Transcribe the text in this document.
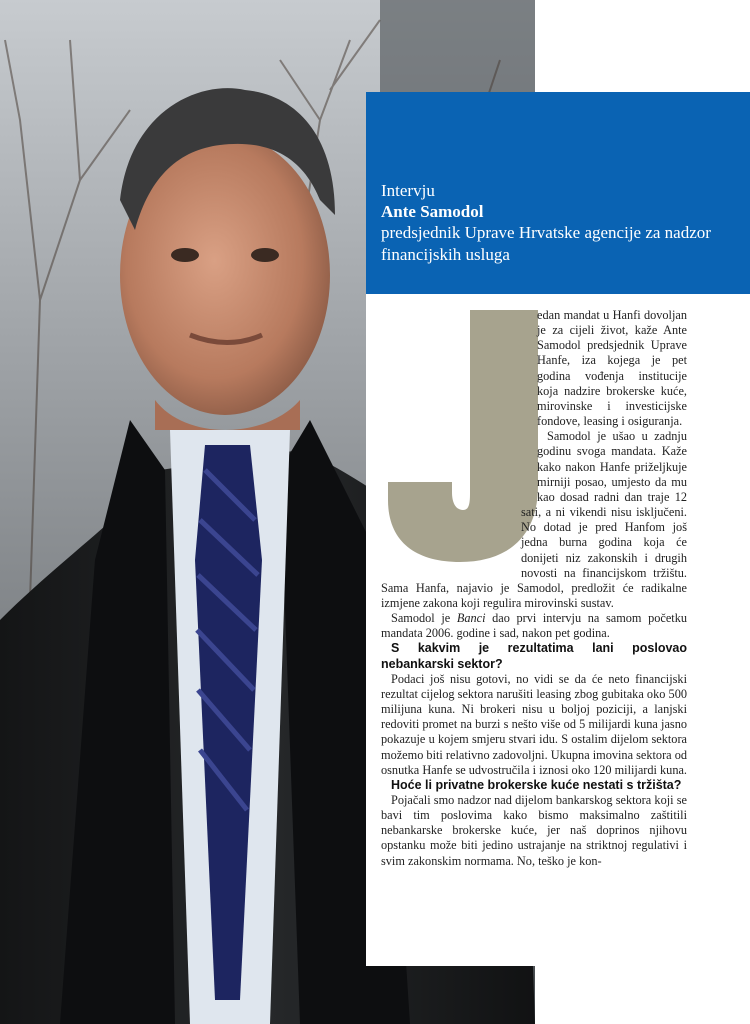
Intervju
Ante Samodol
predsjednik Uprave Hrvatske agencije za nadzor financijskih usluga

edan mandat u Hanfi dovoljan je za cijeli život, kaže Ante Samodol predsjednik Uprave Hanfe, iza kojega je pet godina vođenja institucije koja nadzire brokerske kuće, mirovinske i investicijske fondove, leasing i osiguranja.

Samodol je ušao u zadnju godinu svoga mandata. Kaže kako nakon Hanfe priželjkuje mirniji posao, umjesto da mu kao dosad radni dan traje 12 sati, a ni vikendi nisu isključeni. No dotad je pred Hanfom još jedna burna godina koja će donijeti niz zakonskih i drugih novosti na financijskom tržištu. Sama Hanfa, najavio je Samodol, predložit će radikalne izmjene zakona koji regulira mirovinski sustav.

Samodol je Banci dao prvi intervju na samom početku mandata 2006. godine i sad, nakon pet godina.

S kakvim je rezultatima lani poslovao nebankarski sektor?

Podaci još nisu gotovi, no vidi se da će neto financijski rezultat cijelog sektora narušiti leasing zbog gubitaka oko 500 milijuna kuna. Ni brokeri nisu u boljoj poziciji, a lanjski redoviti promet na burzi s nešto više od 5 milijardi kuna jasno pokazuje u kojem smjeru stvari idu. S ostalim dijelom sektora možemo biti relativno zadovoljni. Ukupna imovina sektora od osnutka Hanfe se udvostručila i iznosi oko 120 milijardi kuna.

Hoće li privatne brokerske kuće nestati s tržišta?

Pojačali smo nadzor nad dijelom bankarskog sektora koji se bavi tim poslovima kako bismo maksimalno zaštitili nebankarske brokerske kuće, jer naš doprinos njihovu opstanku može biti jedino ustrajanje na striktnoj regulativi i svim zakonskim normama. No, teško je kon-
